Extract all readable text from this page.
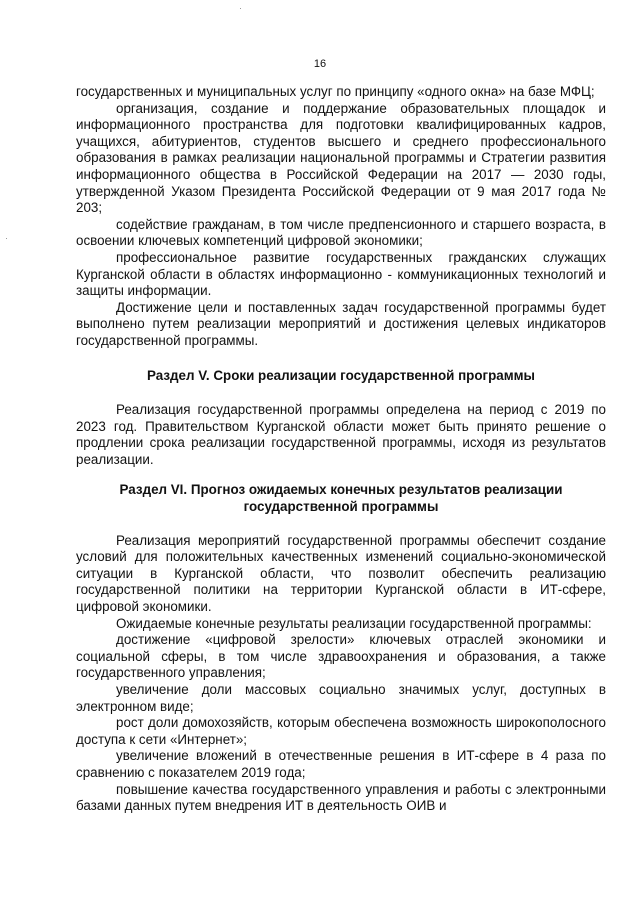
16

государственных и муниципальных услуг по принципу «одного окна» на базе МФЦ;

организация, создание и поддержание образовательных площадок и информационного пространства для подготовки квалифицированных кадров, учащихся, абитуриентов, студентов высшего и среднего профессионального образования в рамках реализации национальной программы и Стратегии развития информационного общества в Российской Федерации на 2017 — 2030 годы, утвержденной Указом Президента Российской Федерации от 9 мая 2017 года № 203;

содействие гражданам, в том числе предпенсионного и старшего возраста, в освоении ключевых компетенций цифровой экономики;

профессиональное развитие государственных гражданских служащих Курганской области в областях информационно - коммуникационных технологий и защиты информации.

Достижение цели и поставленных задач государственной программы будет выполнено путем реализации мероприятий и достижения целевых индикаторов государственной программы.

Раздел V. Сроки реализации государственной программы

Реализация государственной программы определена на период с 2019 по 2023 год. Правительством Курганской области может быть принято решение о продлении срока реализации государственной программы, исходя из результатов реализации.

Раздел VI. Прогноз ожидаемых конечных результатов реализации

государственной программы

Реализация мероприятий государственной программы обеспечит создание условий для положительных качественных изменений социально-экономической ситуации в Курганской области, что позволит обеспечить реализацию государственной политики на территории Курганской области в ИТ-сфере, цифровой экономики.

Ожидаемые конечные результаты реализации государственной программы:

достижение «цифровой зрелости» ключевых отраслей экономики и социальной сферы, в том числе здравоохранения и образования, а также государственного управления;

увеличение доли массовых социально значимых услуг, доступных в электронном виде;

рост доли домохозяйств, которым обеспечена возможность широкополосного доступа к сети «Интернет»;

увеличение вложений в отечественные решения в ИТ-сфере в 4 раза по сравнению с показателем 2019 года;

повышение качества государственного управления и работы с электронными базами данных путем внедрения ИТ в деятельность ОИВ и
